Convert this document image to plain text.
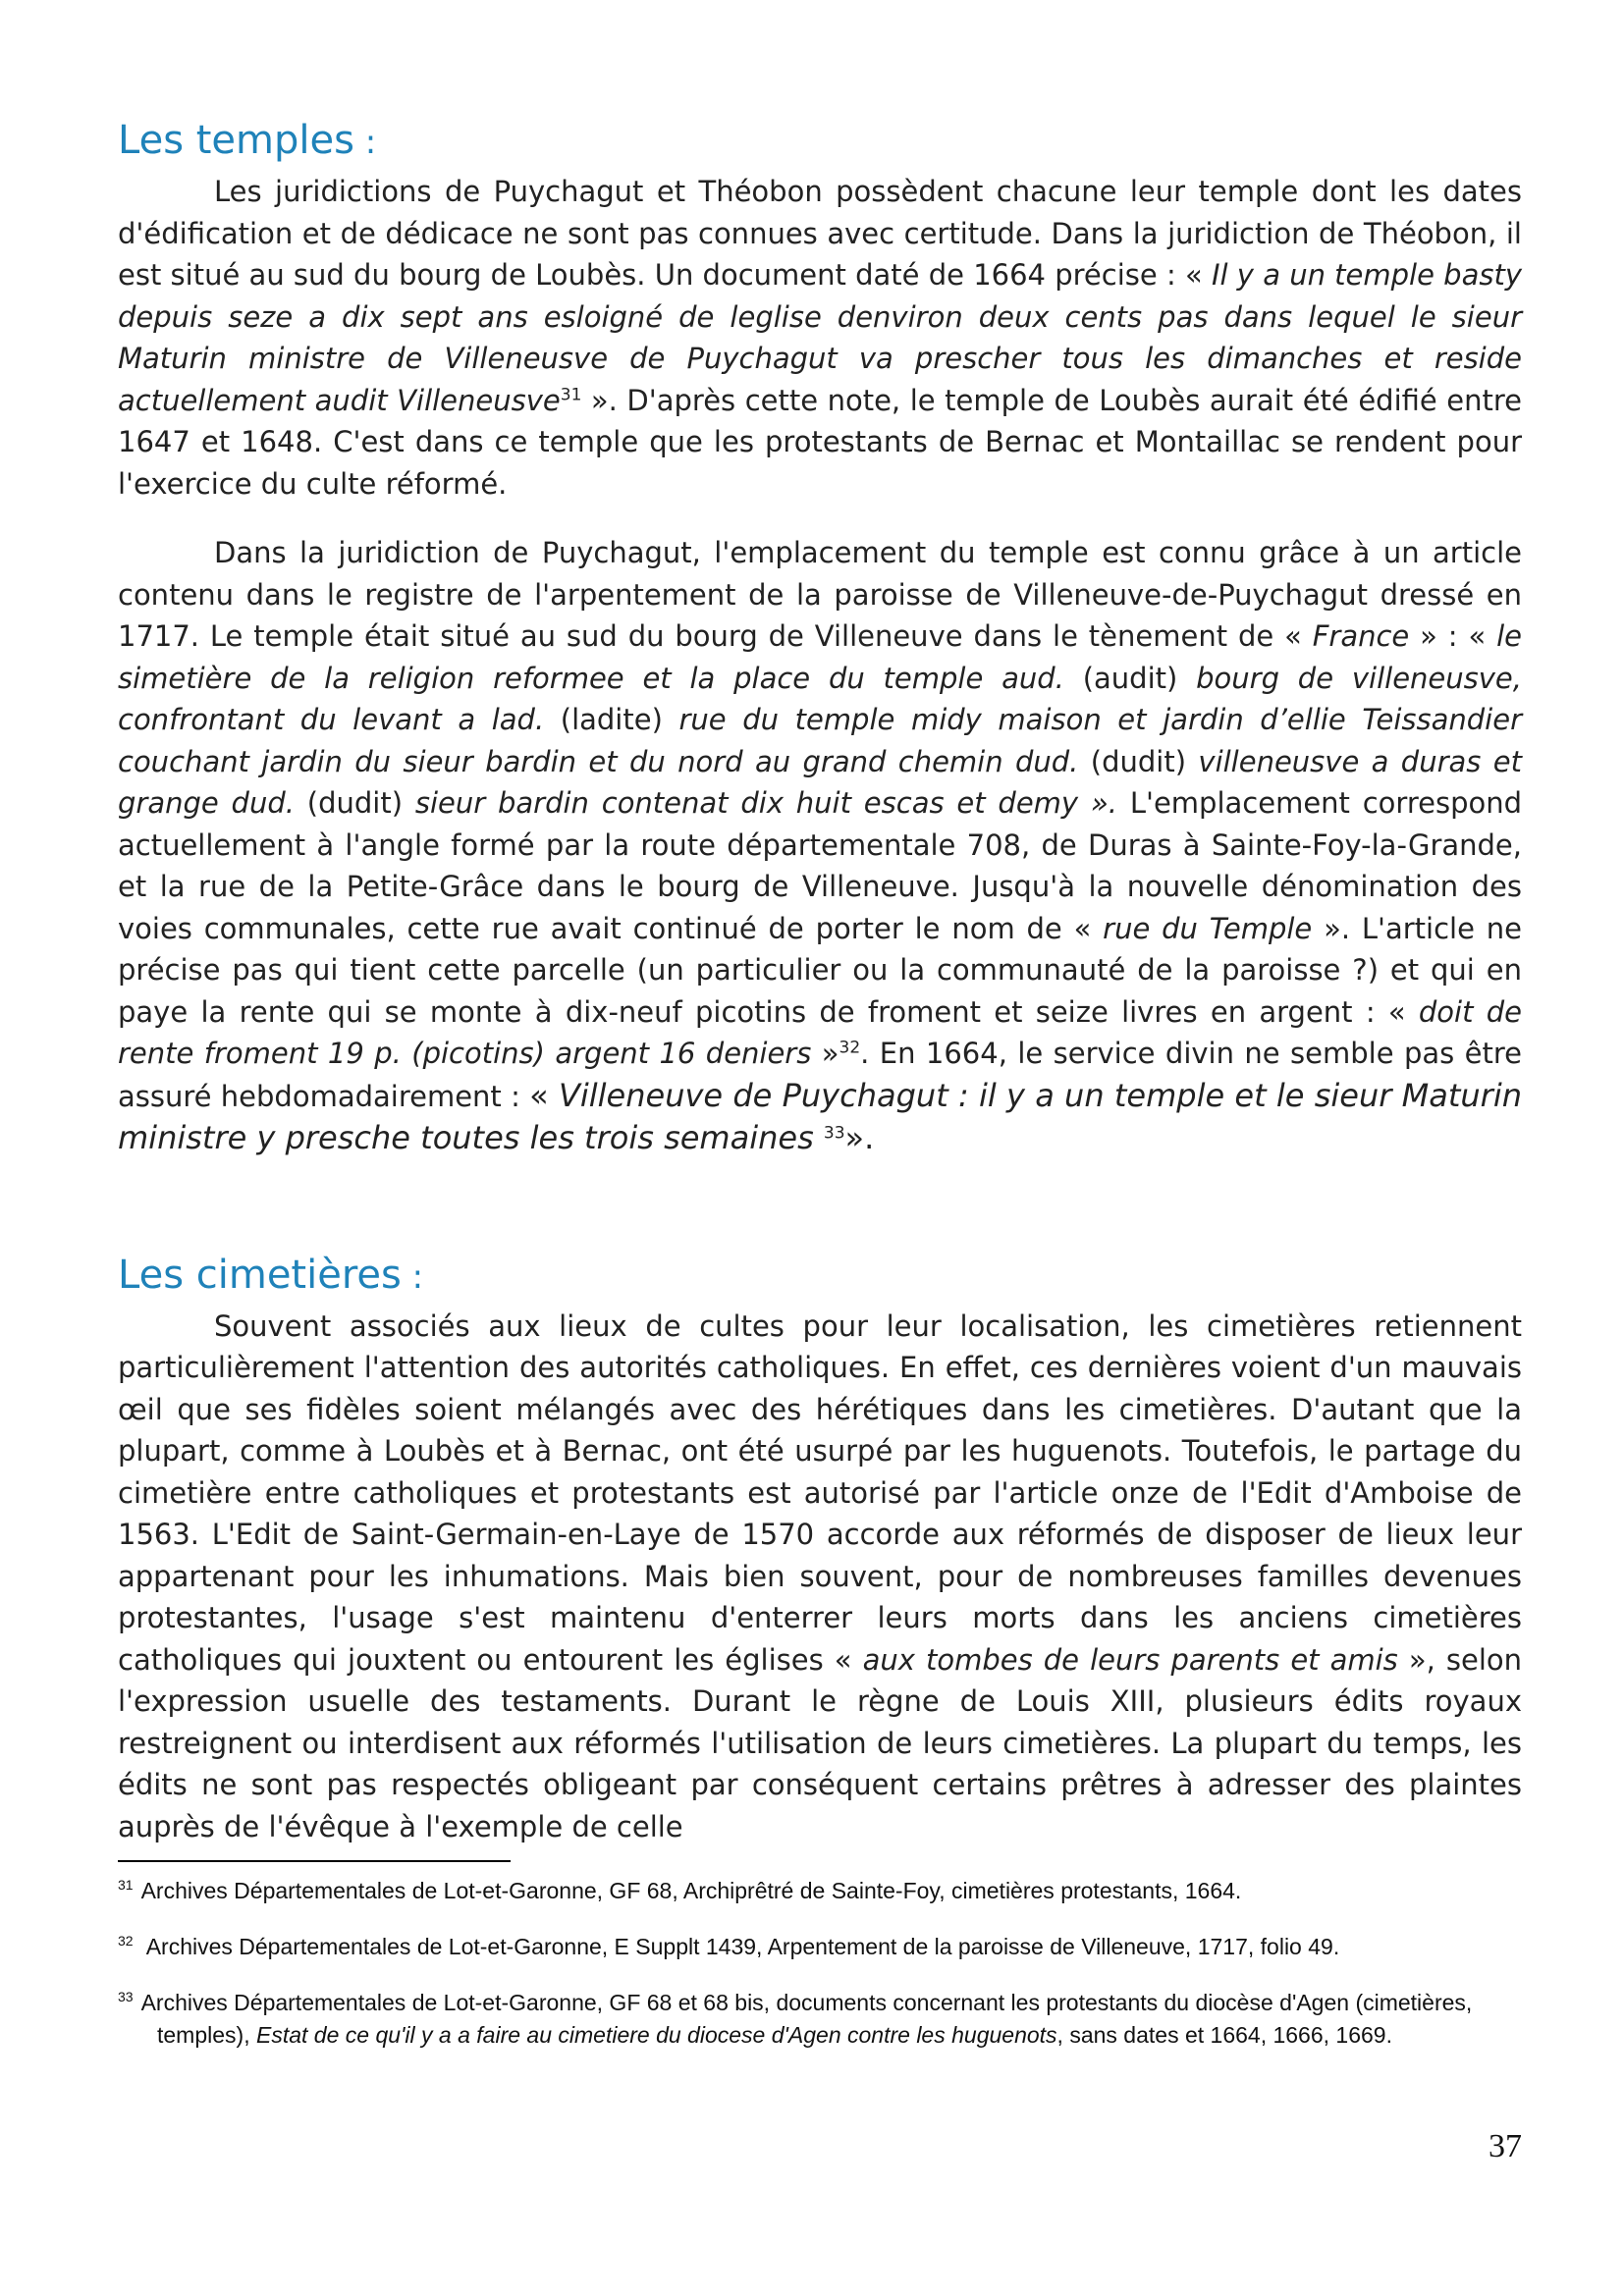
Les temples :

Les juridictions de Puychagut et Théobon possèdent chacune leur temple dont les dates d'édification et de dédicace ne sont pas connues avec certitude. Dans la juridiction de Théobon, il est situé au sud du bourg de Loubès. Un document daté de 1664 précise : « Il y a un temple basty depuis seze a dix sept ans esloigné de leglise denviron deux cents pas dans lequel le sieur Maturin ministre de Villeneusve de Puychagut va prescher tous les dimanches et reside actuellement audit Villeneusve$^{31}$ ». D'après cette note, le temple de Loubès aurait été édifié entre 1647 et 1648. C'est dans ce temple que les protestants de Bernac et Montaillac se rendent pour l'exercice du culte réformé.

Dans la juridiction de Puychagut, l'emplacement du temple est connu grâce à un article contenu dans le registre de l'arpentement de la paroisse de Villeneuve-de-Puychagut dressé en 1717. Le temple était situé au sud du bourg de Villeneuve dans le tènement de « France » : « le simetière de la religion reformee et la place du temple aud. (audit) bourg de villeneusve, confrontant du levant a lad. (ladite) rue du temple midy maison et jardin d’ellie Teissandier couchant jardin du sieur bardin et du nord au grand chemin dud. (dudit) villeneusve a duras et grange dud. (dudit) sieur bardin contenat dix huit escas et demy ». L'emplacement correspond actuellement à l'angle formé par la route départementale 708, de Duras à Sainte-Foy-la-Grande, et la rue de la Petite-Grâce dans le bourg de Villeneuve. Jusqu'à la nouvelle dénomination des voies communales, cette rue avait continué de porter le nom de « rue du Temple ». L'article ne précise pas qui tient cette parcelle (un particulier ou la communauté de la paroisse ?) et qui en paye la rente qui se monte à dix-neuf picotins de froment et seize livres en argent : « doit de rente froment 19 p. (picotins) argent 16 deniers »$^{32}$. En 1664, le service divin ne semble pas être assuré hebdomadairement : « Villeneuve de Puychagut : il y a un temple et le sieur Maturin ministre y presche toutes les trois semaines $^{33}$».

Les cimetières :

Souvent associés aux lieux de cultes pour leur localisation, les cimetières retiennent particulièrement l'attention des autorités catholiques. En effet, ces dernières voient d'un mauvais œil que ses fidèles soient mélangés avec des hérétiques dans les cimetières. D'autant que la plupart, comme à Loubès et à Bernac, ont été usurpé par les huguenots. Toutefois, le partage du cimetière entre catholiques et protestants est autorisé par l'article onze de l'Edit d'Amboise de 1563. L'Edit de Saint-Germain-en-Laye de 1570 accorde aux réformés de disposer de lieux leur appartenant pour les inhumations. Mais bien souvent, pour de nombreuses familles devenues protestantes, l'usage s'est maintenu d'enterrer leurs morts dans les anciens cimetières catholiques qui jouxtent ou entourent les églises « aux tombes de leurs parents et amis », selon l'expression usuelle des testaments. Durant le règne de Louis XIII, plusieurs édits royaux restreignent ou interdisent aux réformés l'utilisation de leurs cimetières. La plupart du temps, les édits ne sont pas respectés obligeant par conséquent certains prêtres à adresser des plaintes auprès de l'évêque à l'exemple de celle

$^{31}$ Archives Départementales de Lot-et-Garonne, GF 68, Archiprêtré de Sainte-Foy, cimetières protestants, 1664.
$^{32}$ Archives Départementales de Lot-et-Garonne, E Supplt 1439, Arpentement de la paroisse de Villeneuve, 1717, folio 49.
$^{33}$ Archives Départementales de Lot-et-Garonne, GF 68 et 68 bis, documents concernant les protestants du diocèse d'Agen (cimetières, temples), Estat de ce qu'il y a a faire au cimetiere du diocese d'Agen contre les huguenots, sans dates et 1664, 1666, 1669.
37
